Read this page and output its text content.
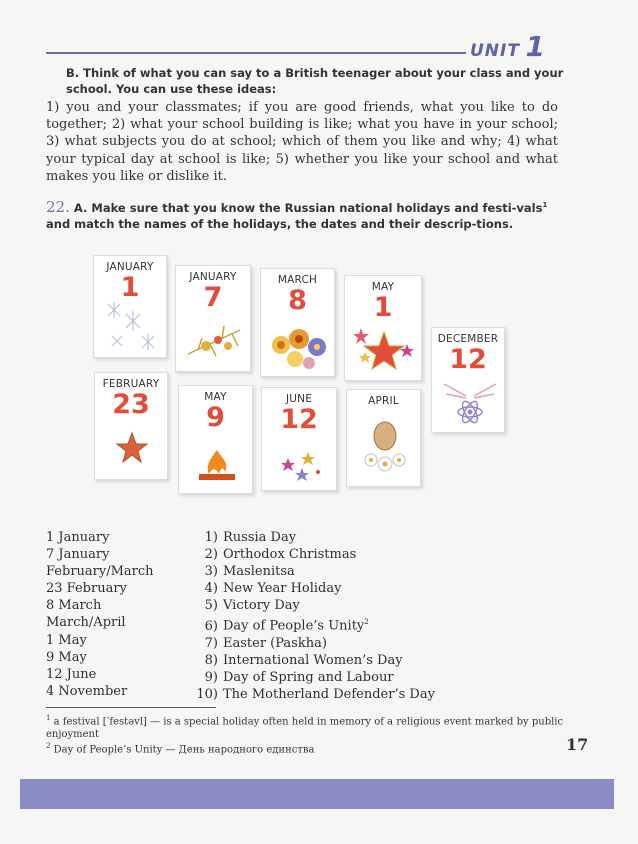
UNIT 1
B. Think of what you can say to a British teenager about your class and your school. You can use these ideas:
1) you and your classmates; if you are good friends, what you like to do together; 2) what your school building is like; what you have in your school; 3) what subjects you do at school; which of them you like and why; 4) what your typical day at school is like; 5) whether you like your school and what makes you like or dislike it.
22. A. Make sure that you know the Russian national holidays and festi-vals$^1$ and match the names of the holidays, the dates and their descrip-tions.
JANUARY
1	JANUARY
7
MARCH
8	MAY
1
DECEMBER
12
FEBRUARY
23	MAY
9
JUNE
12
APRIL
1 January
7 January
February/March
23 February
8 March
March/April
1 May
9 May
12 June
4 November
1) Russia Day
2) Orthodox Christmas
3) Maslenitsa
4) New Year Holiday
5) Victory Day
6) Day of People’s Unity$^2$
7) Easter (Paskha)
8) International Women’s Day
9) Day of Spring and Labour
10) The Motherland Defender’s Day
$^1$ a festival [ˈfestəvl] — is a special holiday often held in memory of a religious event marked by public enjoyment
$^2$ Day of People’s Unity — День народного единства	17
